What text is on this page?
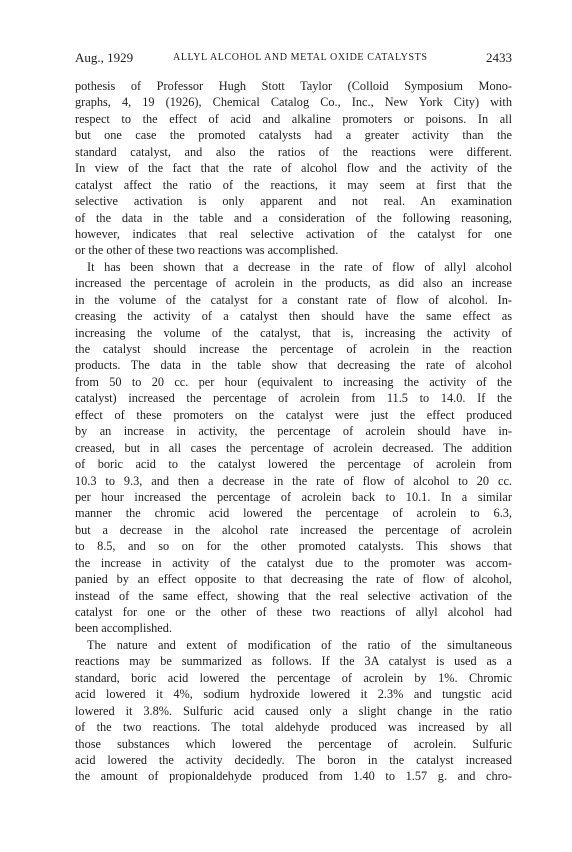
Aug., 1929	ALLYL ALCOHOL AND METAL OXIDE CATALYSTS	2433
pothesis of Professor Hugh Stott Taylor (Colloid Symposium Mono-
graphs, 4, 19 (1926), Chemical Catalog Co., Inc., New York City) with
respect to the effect of acid and alkaline promoters or poisons. In all
but one case the promoted catalysts had a greater activity than the
standard catalyst, and also the ratios of the reactions were different.
In view of the fact that the rate of alcohol flow and the activity of the
catalyst affect the ratio of the reactions, it may seem at first that the
selective activation is only apparent and not real. An examination
of the data in the table and a consideration of the following reasoning,
however, indicates that real selective activation of the catalyst for one
or the other of these two reactions was accomplished.
It has been shown that a decrease in the rate of flow of allyl alcohol
increased the percentage of acrolein in the products, as did also an increase
in the volume of the catalyst for a constant rate of flow of alcohol. In-
creasing the activity of a catalyst then should have the same effect as
increasing the volume of the catalyst, that is, increasing the activity of
the catalyst should increase the percentage of acrolein in the reaction
products. The data in the table show that decreasing the rate of alcohol
from 50 to 20 cc. per hour (equivalent to increasing the activity of the
catalyst) increased the percentage of acrolein from 11.5 to 14.0. If the
effect of these promoters on the catalyst were just the effect produced
by an increase in activity, the percentage of acrolein should have in-
creased, but in all cases the percentage of acrolein decreased. The addition
of boric acid to the catalyst lowered the percentage of acrolein from
10.3 to 9.3, and then a decrease in the rate of flow of alcohol to 20 cc.
per hour increased the percentage of acrolein back to 10.1. In a similar
manner the chromic acid lowered the percentage of acrolein to 6.3,
but a decrease in the alcohol rate increased the percentage of acrolein
to 8.5, and so on for the other promoted catalysts. This shows that
the increase in activity of the catalyst due to the promoter was accom-
panied by an effect opposite to that decreasing the rate of flow of alcohol,
instead of the same effect, showing that the real selective activation of the
catalyst for one or the other of these two reactions of allyl alcohol had
been accomplished.
The nature and extent of modification of the ratio of the simultaneous
reactions may be summarized as follows. If the 3A catalyst is used as a
standard, boric acid lowered the percentage of acrolein by 1%. Chromic
acid lowered it 4%, sodium hydroxide lowered it 2.3% and tungstic acid
lowered it 3.8%. Sulfuric acid caused only a slight change in the ratio
of the two reactions. The total aldehyde produced was increased by all
those substances which lowered the percentage of acrolein. Sulfuric
acid lowered the activity decidedly. The boron in the catalyst increased
the amount of propionaldehyde produced from 1.40 to 1.57 g. and chro-
